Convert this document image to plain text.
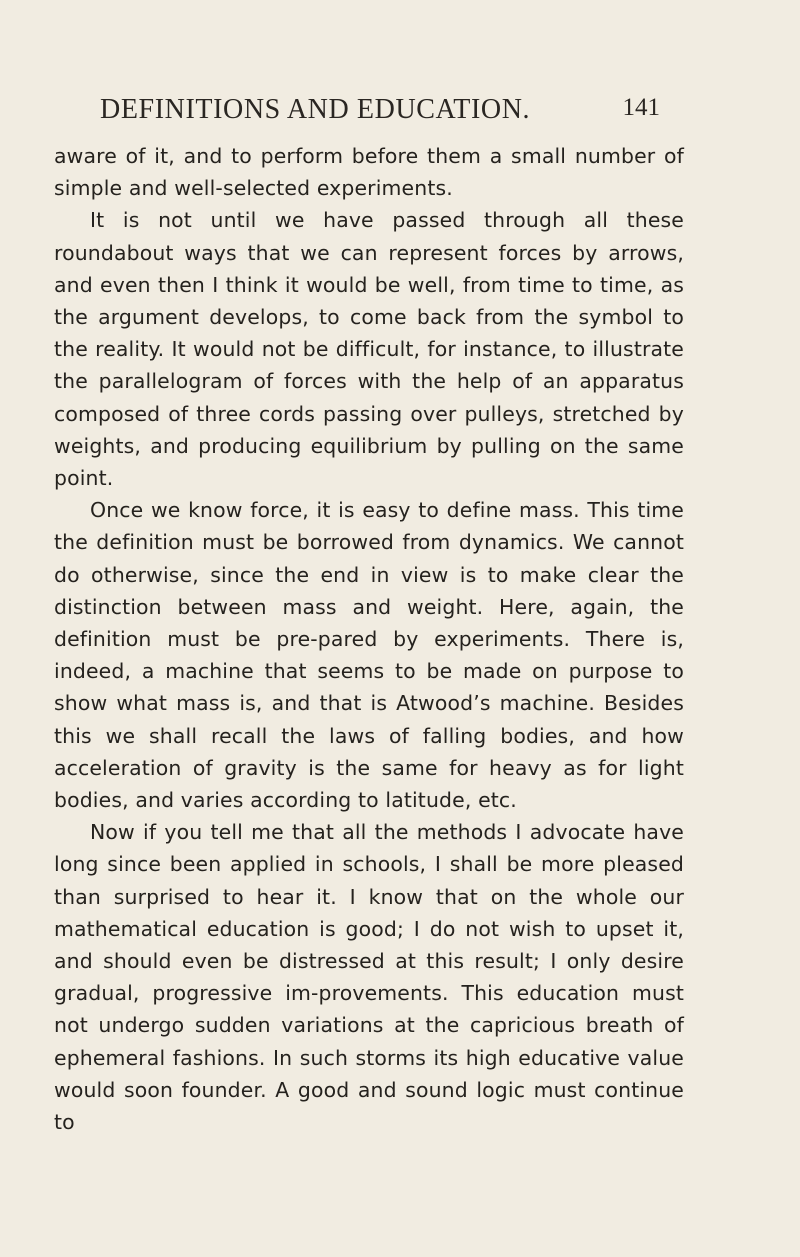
DEFINITIONS AND EDUCATION.	141

aware of it, and to perform before them a small number of simple and well-selected experiments.

It is not until we have passed through all these roundabout ways that we can represent forces by arrows, and even then I think it would be well, from time to time, as the argument develops, to come back from the symbol to the reality. It would not be difficult, for instance, to illustrate the parallelogram of forces with the help of an apparatus composed of three cords passing over pulleys, stretched by weights, and producing equilibrium by pulling on the same point.

Once we know force, it is easy to define mass. This time the definition must be borrowed from dynamics. We cannot do otherwise, since the end in view is to make clear the distinction between mass and weight. Here, again, the definition must be pre-pared by experiments. There is, indeed, a machine that seems to be made on purpose to show what mass is, and that is Atwood’s machine. Besides this we shall recall the laws of falling bodies, and how acceleration of gravity is the same for heavy as for light bodies, and varies according to latitude, etc.

Now if you tell me that all the methods I advocate have long since been applied in schools, I shall be more pleased than surprised to hear it. I know that on the whole our mathematical education is good; I do not wish to upset it, and should even be distressed at this result; I only desire gradual, progressive im-provements. This education must not undergo sudden variations at the capricious breath of ephemeral fashions. In such storms its high educative value would soon founder. A good and sound logic must continue to
